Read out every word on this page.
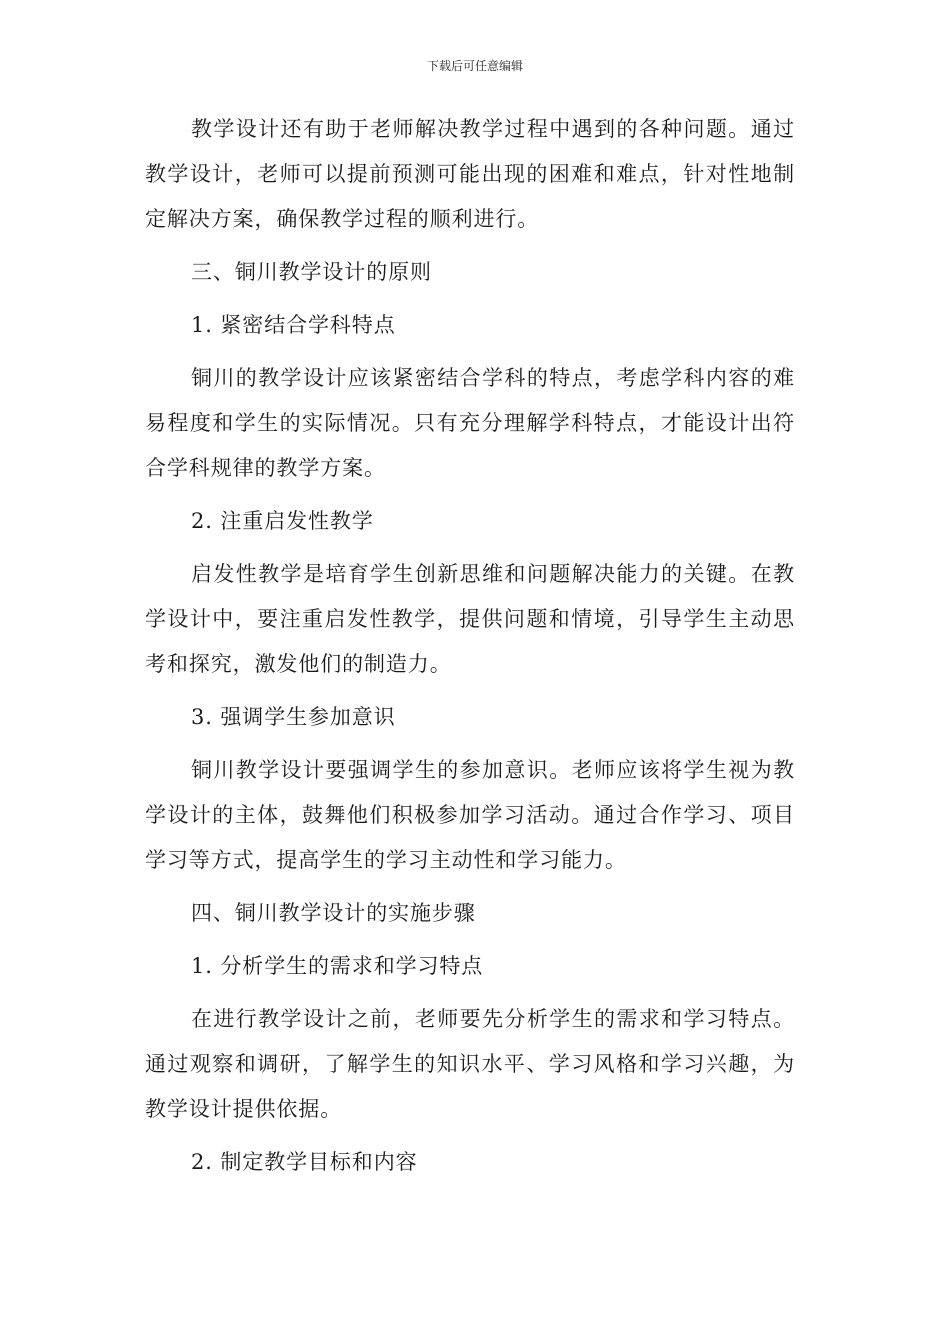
下载后可任意编辑

教学设计还有助于老师解决教学过程中遇到的各种问题。通过教学设计，老师可以提前预测可能出现的困难和难点，针对性地制定解决方案，确保教学过程的顺利进行。

三、铜川教学设计的原则

1. 紧密结合学科特点

铜川的教学设计应该紧密结合学科的特点，考虑学科内容的难易程度和学生的实际情况。只有充分理解学科特点，才能设计出符合学科规律的教学方案。

2. 注重启发性教学

启发性教学是培育学生创新思维和问题解决能力的关键。在教学设计中，要注重启发性教学，提供问题和情境，引导学生主动思考和探究，激发他们的制造力。

3. 强调学生参加意识

铜川教学设计要强调学生的参加意识。老师应该将学生视为教学设计的主体，鼓舞他们积极参加学习活动。通过合作学习、项目学习等方式，提高学生的学习主动性和学习能力。

四、铜川教学设计的实施步骤

1. 分析学生的需求和学习特点

在进行教学设计之前，老师要先分析学生的需求和学习特点。通过观察和调研，了解学生的知识水平、学习风格和学习兴趣，为教学设计提供依据。

2. 制定教学目标和内容
